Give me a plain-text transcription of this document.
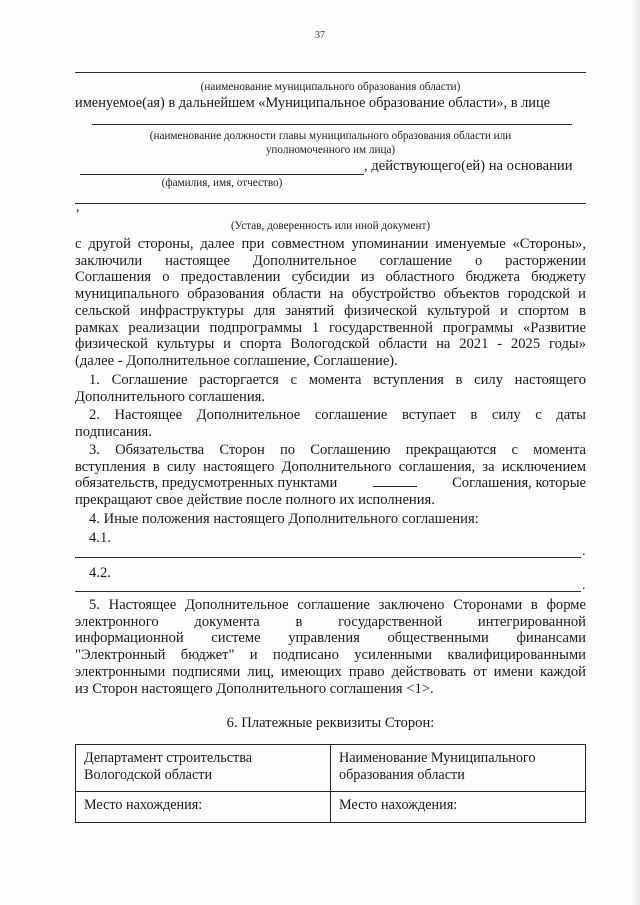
37
(наименование муниципального образования области)
именуемое(ая) в дальнейшем «Муниципальное образование области», в лице
(наименование должности главы муниципального образования области или
уполномоченного им лица)
, действующего(ей) на основании
(фамилия, имя, отчество)
,
(Устав, доверенность или иной документ)
с другой стороны, далее при совместном упоминании именуемые «Стороны»,
заключили настоящее Дополнительное соглашение о расторжении
Соглашения о предоставлении субсидии из областного бюджета бюджету
муниципального образования области на обустройство объектов городской и
сельской инфраструктуры для занятий физической культурой и спортом в
рамках реализации подпрограммы 1 государственной программы «Развитие
физической культуры и спорта Вологодской области на 2021 - 2025 годы»
(далее - Дополнительное соглашение, Соглашение).
1. Соглашение расторгается с момента вступления в силу настоящего
Дополнительного соглашения.
2. Настоящее Дополнительное соглашение вступает в силу с даты
подписания.
3. Обязательства Сторон по Соглашению прекращаются с момента
вступления в силу настоящего Дополнительного соглашения, за исключением
обязательств, предусмотренных пунктами	Соглашения, которые
прекращают свое действие после полного их исполнения.
4. Иные положения настоящего Дополнительного соглашения:
4.1.
.
4.2.
.
5. Настоящее Дополнительное соглашение заключено Сторонами в форме
электронного документа в государственной интегрированной
информационной системе управления общественными финансами
"Электронный бюджет" и подписано усиленными квалифицированными
электронными подписями лиц, имеющих право действовать от имени каждой
из Сторон настоящего Дополнительного соглашения <1>.
6. Платежные реквизиты Сторон:
Департамент строительства Вологодской области	Наименование Муниципального образования области
Место нахождения:	Место нахождения:
